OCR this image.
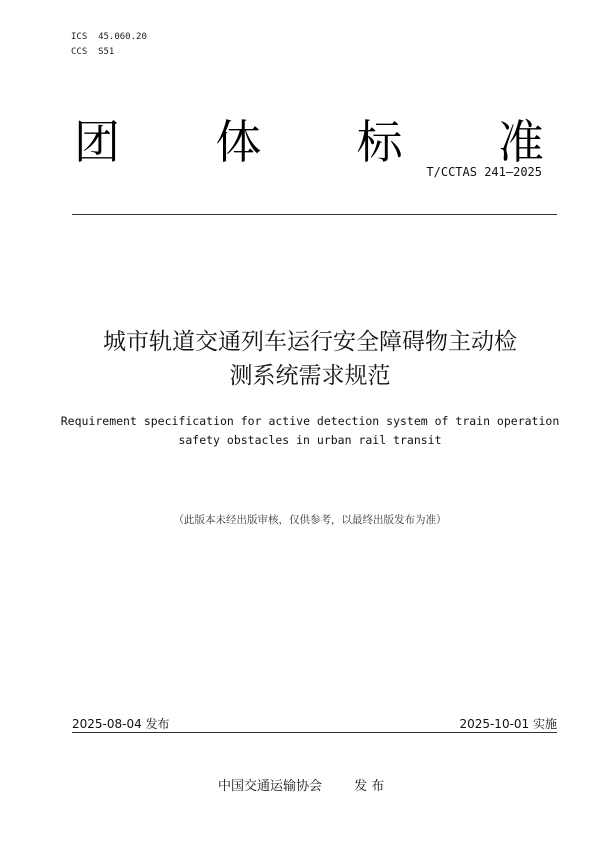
ICS  45.060.20
CCS  S51
团 体 标 准
T/CCTAS 241—2025
城市轨道交通列车运行安全障碍物主动检
测系统需求规范
Requirement specification for active detection system of train operation
safety obstacles in urban rail transit
（此版本未经出版审核，仅供参考，以最终出版发布为准）
2025-08-04 发布	2025-10-01 实施
中国交通运输协会 发 布
